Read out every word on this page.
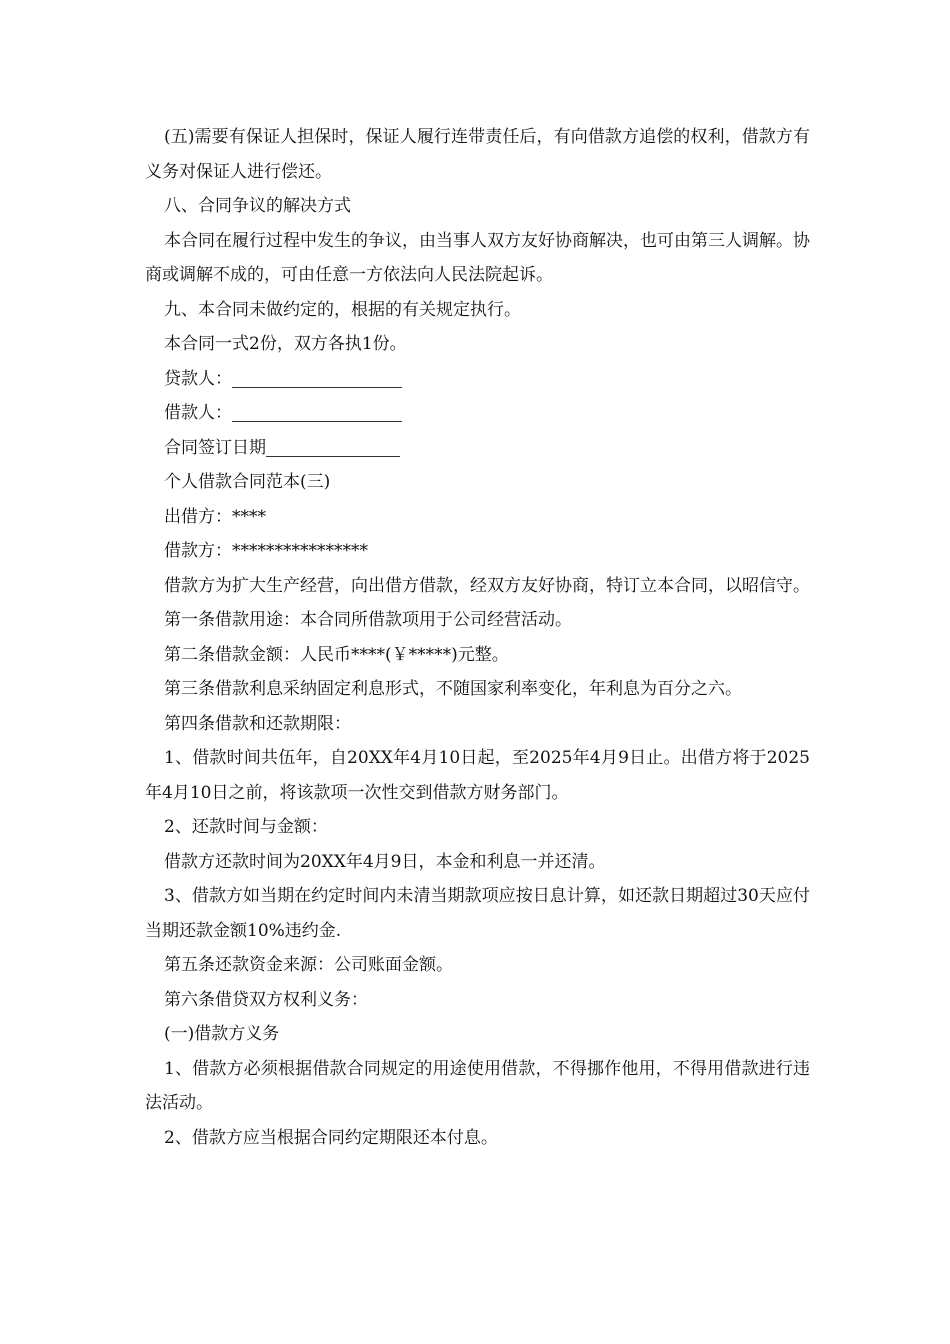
(五)需要有保证人担保时，保证人履行连带责任后，有向借款方追偿的权利，借款方有义务对保证人进行偿还。

八、合同争议的解决方式

本合同在履行过程中发生的争议，由当事人双方友好协商解决，也可由第三人调解。协商或调解不成的，可由任意一方依法向人民法院起诉。

九、本合同未做约定的，根据的有关规定执行。

本合同一式2份，双方各执1份。

贷款人：

借款人：

合同签订日期

个人借款合同范本(三)

出借方：****

借款方：****************

借款方为扩大生产经营，向出借方借款，经双方友好协商，特订立本合同，以昭信守。

第一条借款用途：本合同所借款项用于公司经营活动。

第二条借款金额：人民币****(￥*****)元整。

第三条借款利息采纳固定利息形式，不随国家利率变化，年利息为百分之六。

第四条借款和还款期限：

1、借款时间共伍年，自20XX年4月10日起，至2025年4月9日止。出借方将于2025年4月10日之前，将该款项一次性交到借款方财务部门。

2、还款时间与金额：

借款方还款时间为20XX年4月9日，本金和利息一并还清。

3、借款方如当期在约定时间内未清当期款项应按日息计算，如还款日期超过30天应付当期还款金额10%违约金.

第五条还款资金来源：公司账面金额。

第六条借贷双方权利义务：

(一)借款方义务

1、借款方必须根据借款合同规定的用途使用借款，不得挪作他用，不得用借款进行违法活动。

2、借款方应当根据合同约定期限还本付息。
